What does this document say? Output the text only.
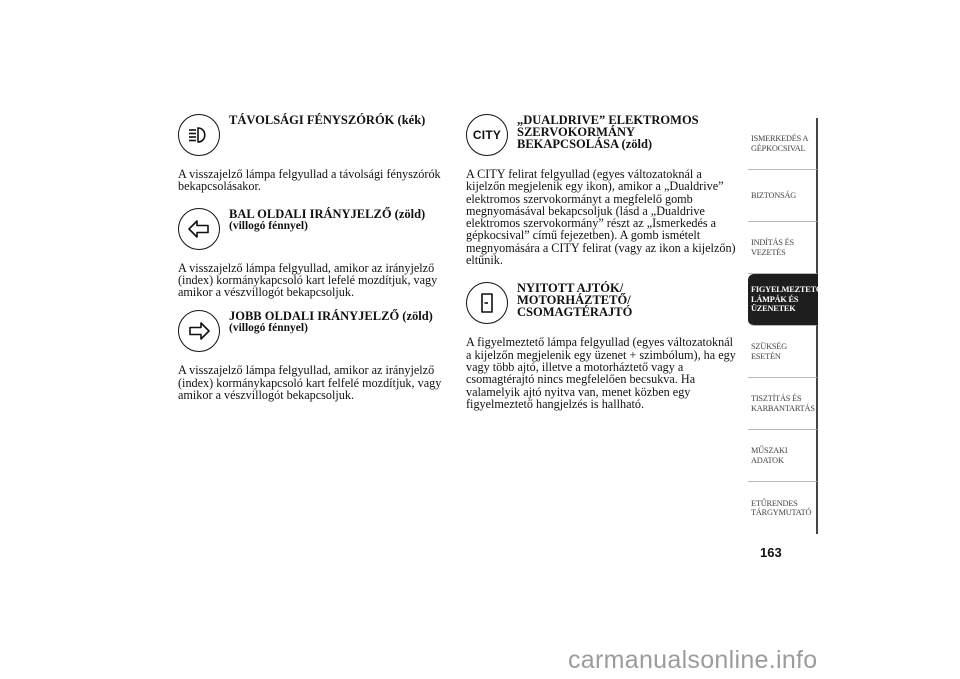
TÁVOLSÁGI FÉNYSZÓRÓK (kék)

A visszajelző lámpa felgyullad a távolsági fényszórók bekapcsolásakor.

BAL OLDALI IRÁNYJELZŐ (zöld)
(villogó fénnyel)

A visszajelző lámpa felgyullad, amikor az irányjelző (index) kormánykapcsoló kart lefelé mozdítjuk, vagy amikor a vészvillogót bekapcsoljuk.

JOBB OLDALI IRÁNYJELZŐ (zöld)
(villogó fénnyel)

A visszajelző lámpa felgyullad, amikor az irányjelző (index) kormánykapcsoló kart felfelé mozdítjuk, vagy amikor a vészvillogót bekapcsoljuk.

CITY
„DUALDRIVE” ELEKTROMOS
SZERVOKORMÁNY
BEKAPCSOLÁSA (zöld)

A CITY felirat felgyullad (egyes változatoknál a kijelzőn megjelenik egy ikon), amikor a „Dualdrive” elektromos szervokormányt a megfelelő gomb megnyomásával bekapcsoljuk (lásd a „Dualdrive elektromos szervokormány” részt az „Ismerkedés a gépkocsival” című fejezetben). A gomb ismételt megnyomására a CITY felirat (vagy az ikon a kijelzőn) eltűnik.

NYITOTT AJTÓK/
MOTORHÁZTETŐ/
CSOMAGTÉRAJTÓ

A figyelmeztető lámpa felgyullad (egyes változatoknál a kijelzőn megjelenik egy üzenet + szimbólum), ha egy vagy több ajtó, illetve a motorháztető vagy a csomagtérajtó nincs megfelelően becsukva. Ha valamelyik ajtó nyitva van, menet közben egy figyelmeztető hangjelzés is hallható.

ISMERKEDÉS A
GÉPKOCSIVAL
BIZTONSÁG
INDÍTÁS ÉS
VEZETÉS
FIGYELMEZTETŐ
LÁMPÁK ÉS
ÜZENETEK
SZÜKSÉG ESETÉN
TISZTÍTÁS ÉS
KARBANTARTÁS
MŰSZAKI ADATOK
ETŰRENDES
TÁRGYMUTATÓ
163
carmanualsonline.info
